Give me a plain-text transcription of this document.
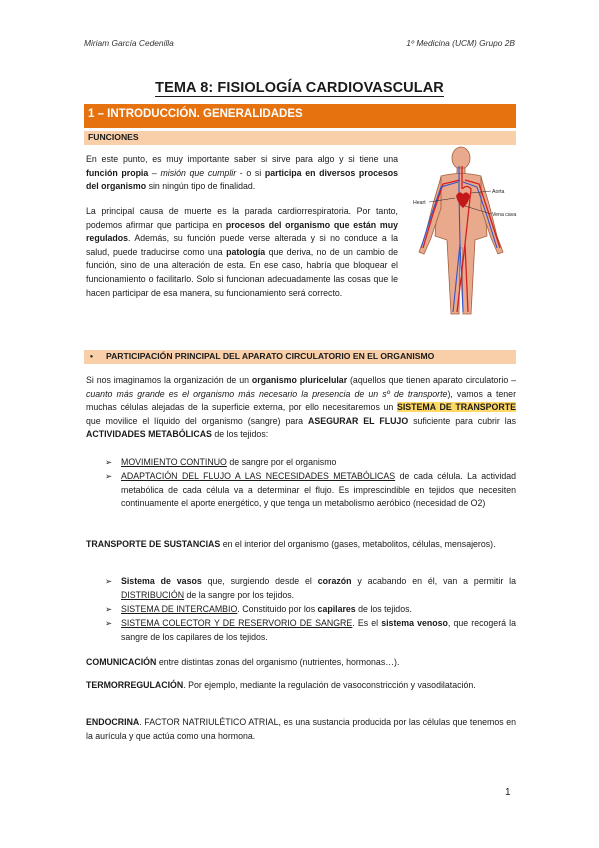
Miriam García Cedenilla	1º Medicina (UCM) Grupo 2B
TEMA 8: FISIOLOGÍA CARDIOVASCULAR
1 – INTRODUCCIÓN. GENERALIDADES
FUNCIONES
En este punto, es muy importante saber si sirve para algo y si tiene una función propia – misión que cumplir - o si participa en diversos procesos del organismo sin ningún tipo de finalidad.
La principal causa de muerte es la parada cardiorrespiratoria. Por tanto, podemos afirmar que participa en procesos del organismo que están muy regulados. Además, su función puede verse alterada y si no conduce a la salud, puede traducirse como una patología que deriva, no de un cambio de función, sino de una alteración de esta. En ese caso, habría que bloquear el funcionamiento o facilitarlo. Solo si funcionan adecuadamente las cosas que le hacen participar de esa manera, su funcionamiento será correcto.
Heart
Aorta
Vena cava
• PARTICIPACIÓN PRINCIPAL DEL APARATO CIRCULATORIO EN EL ORGANISMO
Si nos imaginamos la organización de un organismo pluricelular (aquellos que tienen aparato circulatorio – cuanto más grande es el organismo más necesario la presencia de un sº de transporte), vamos a tener muchas células alejadas de la superficie externa, por ello necesitaremos un SISTEMA DE TRANSPORTE que movilice el líquido del organismo (sangre) para ASEGURAR EL FLUJO suficiente para cubrir las ACTIVIDADES METABÓLICAS de los tejidos:
➢	MOVIMIENTO CONTINUO de sangre por el organismo
➢	ADAPTACIÓN DEL FLUJO A LAS NECESIDADES METABÓLICAS de cada célula. La actividad metabólica de cada célula va a determinar el flujo. Es imprescindible en tejidos que necesiten continuamente el aporte energético, y que tenga un metabolismo aeróbico (necesidad de O2)
TRANSPORTE DE SUSTANCIAS en el interior del organismo (gases, metabolitos, células, mensajeros).
➢	Sistema de vasos que, surgiendo desde el corazón y acabando en él, van a permitir la DISTRIBUCIÓN de la sangre por los tejidos.
➢	SISTEMA DE INTERCAMBIO. Constituido por los capilares de los tejidos.
➢	SISTEMA COLECTOR Y DE RESERVORIO DE SANGRE. Es el sistema venoso, que recogerá la sangre de los capilares de los tejidos.
COMUNICACIÓN entre distintas zonas del organismo (nutrientes, hormonas…).
TERMORREGULACIÓN. Por ejemplo, mediante la regulación de vasoconstricción y vasodilatación.
ENDOCRINA. FACTOR NATRIULÉTICO ATRIAL, es una sustancia producida por las células que tenemos en la aurícula y que actúa como una hormona.
1
